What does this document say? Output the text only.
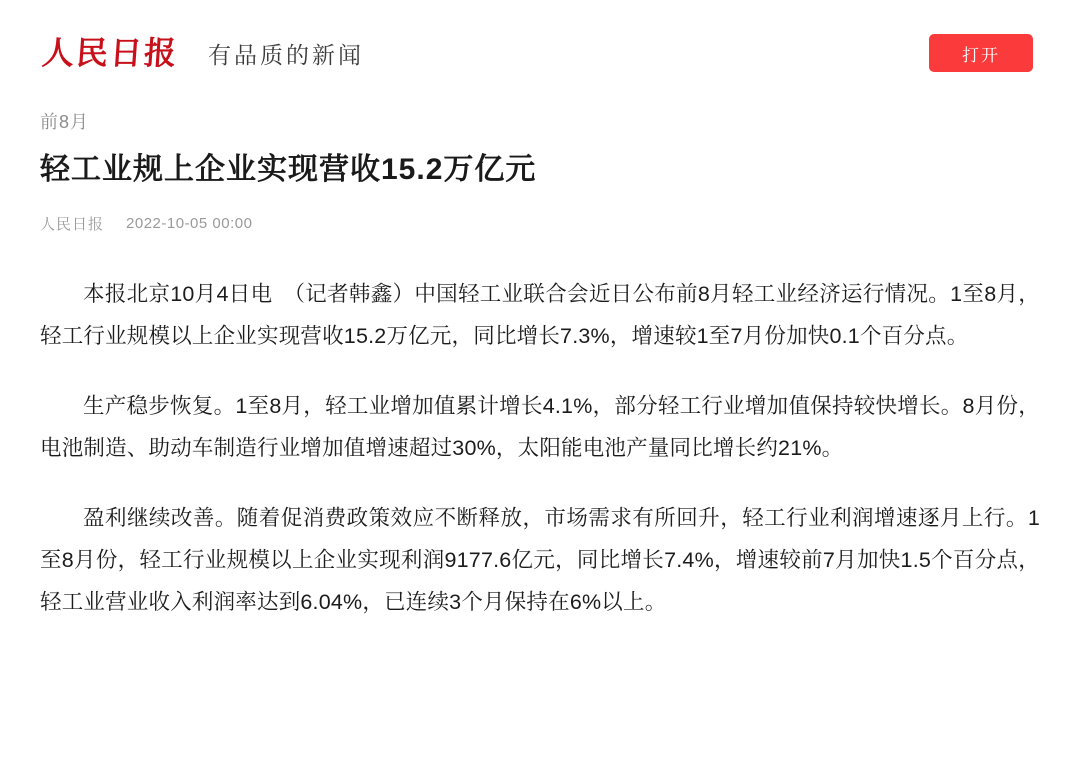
人民日报 有品质的新闻	打开
前8月
轻工业规上企业实现营收15.2万亿元
人民日报 2022-10-05 00:00

本报北京10月4日电　（记者韩鑫）中国轻工业联合会近日公布前8月轻工业经济运行情况。1至8月，轻工行业规模以上企业实现营收15.2万亿元，同比增长7.3%，增速较1至7月份加快0.1个百分点。

生产稳步恢复。1至8月，轻工业增加值累计增长4.1%，部分轻工行业增加值保持较快增长。8月份，电池制造、助动车制造行业增加值增速超过30%，太阳能电池产量同比增长约21%。

盈利继续改善。随着促消费政策效应不断释放，市场需求有所回升，轻工行业利润增速逐月上行。1至8月份，轻工行业规模以上企业实现利润9177.6亿元，同比增长7.4%，增速较前7月加快1.5个百分点，轻工业营业收入利润率达到6.04%，已连续3个月保持在6%以上。
